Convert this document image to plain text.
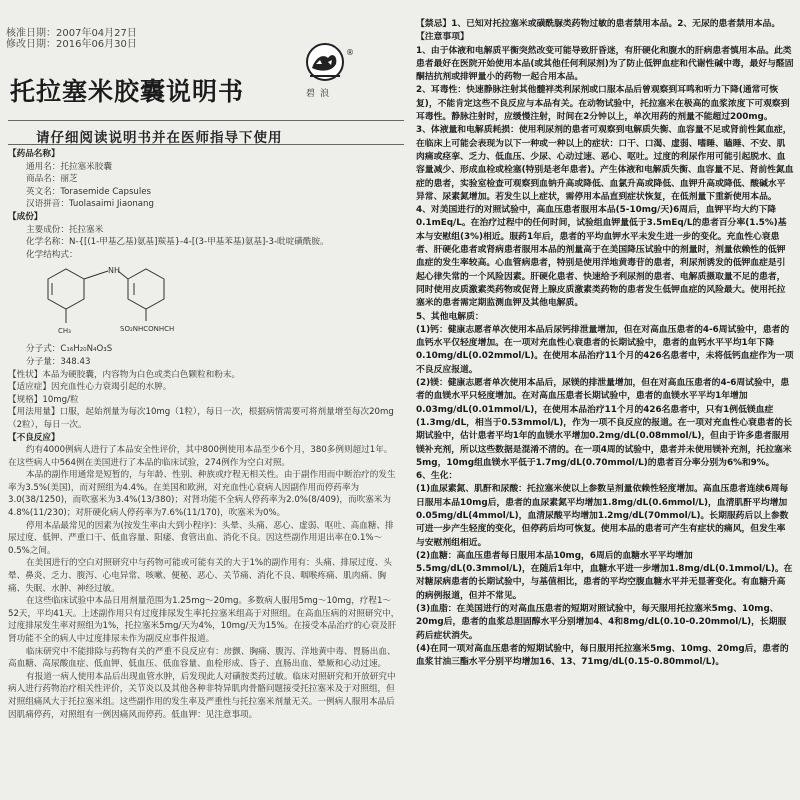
核准日期：2007年04月27日
修改日期：2016年06月30日
®
碧浪
托拉塞米胶囊说明书
请仔细阅读说明书并在医师指导下使用
【药品名称】
通用名：托拉塞米胶囊
商品名：丽芝
英文名：Torasemide Capsules
汉语拼音：Tuolasaimi Jiaonang
【成份】
主要成份：托拉塞米
化学名称：N-{[(1-甲基乙基)氨基]羰基}-4-[(3-甲基苯基)氨基]-3-吡啶磺酰胺。
化学结构式：
NH
SO₂NHCONHCH
CH₃
分子式：C₁₆H₂₀N₄O₃S
分子量：348.43
【性状】本品为硬胶囊，内容物为白色或类白色颗粒和粉末。
【适应症】因充血性心力衰竭引起的水肿。
【规格】10mg/粒
【用法用量】口服，起始剂量为每次10mg（1粒），每日一次，根据病情需要可将剂量增至每次20mg（2粒），每日一次。
【不良反应】
约有4000例病人进行了本品安全性评价，其中800例使用本品至少6个月，380多例则超过1年。在这些病人中564例在美国进行了本品的临床试验，274例作为空白对照。
本品的副作用通常是短暂的，与年龄、性别、种族或疗程无相关性。由于副作用而中断治疗的发生率为3.5%(美国)，而对照组为4.4%。在美国和欧洲，对充血性心衰病人因副作用而停药率为3.0(38/1250)，而吹塞米为3.4%(13/380)；对肾功能不全病人停药率为2.0%(8/409)，而吹塞米为4.8%(11/230)；对肝硬化病人停药率为7.6%(11/170)，吹塞米为0%。
停用本品最常见的因素为(按发生率由大到小程序)：头晕、头痛、恶心、虚弱、呕吐、高血糖、排尿过度、低钾、严重口干、低血容量、阳痿、食管出血、消化不良。因这些副作用退出率在0.1%～0.5%之间。
在美国进行的空白对照研究中与药物可能或可能有关的大于1%的副作用有：头痛、排尿过度、头晕、鼻炎、乏力、腹泻、心电异常、咳嗽、便秘、恶心、关节痛、消化不良、咽喉疼痛、肌肉痛、胸痛、失眠、水肿、神经过敏。
在这些临床试验中本品日用剂量范围为1.25mg～20mg。多数病人服用5mg～10mg，疗程1～52天，平均41天。上述副作用只有过度排尿发生率托拉塞米组高于对照组。在高血压病的对照研究中，过度排尿发生率对照组为1%，托拉塞米5mg/天为4%，10mg/天为15%。在接受本品治疗的心衰及肝肾功能不全的病人中过度排尿未作为副反应事件报道。
临床研究中不能排除与药物有关的严重不良反应有：房颤、胸痛、腹泻、洋地黄中毒、胃肠出血、高血糖、高尿酸血症、低血钾、低血压、低血容量、血栓形成、昏子、直肠出血、晕厥和心动过速。
有报道一病人使用本品后出现血管水肿，后发现此人对磺胺类药过敏。临床对照研究和开放研究中病人进行药物治疗相关性评价，关节炎以及其他各种非特异肌肉骨骼问题接受托拉塞米及于对照组，但对照组痛风大于托拉塞米组。这些副作用的发生率及严重性与托拉塞米剂量无关。一例病人服用本品后因肌痛停药，对照组有一例因痛风而停药。低血钾：见注意事项。
【禁忌】1、已知对托拉塞米或磺酰脲类药物过敏的患者禁用本品。2、无尿的患者禁用本品。
【注意事项】
1、由于体液和电解质平衡突然改变可能导致肝昏迷，有肝硬化和腹水的肝病患者慎用本品。此类患者最好在医院开始使用本品(或其他任何利尿剂)为了防止低钾血症和代谢性碱中毒，最好与醛固酮拮抗剂或排钾量小的药物一起合用本品。
2、耳毒性：快速静脉注射其他髓袢类利尿剂或口服本品后曾观察到耳鸣和听力下降(通常可恢复)，不能肯定这些不良反应与本品有关。在动物试验中，托拉塞米在极高的血浆浓度下可观察到耳毒性。静脉注射时，应缓慢注射，时间在2分钟以上，单次用药的剂量不能超过200mg。
3、体液量和电解质耗损：使用利尿剂的患者可观察到电解质失衡、血容量不足或肾前性氮血症，在临床上可能会表现为以下一种或一种以上的症状：口干、口渴、虚弱、嗜睡、瞌睡、不安、肌肉痛或痉挛、乏力、低血压、少尿、心动过速、恶心、呕吐。过度的利尿作用可能引起脱水、血容量减少、形成血栓或栓塞(特别是老年患者)。产生体液和电解质失衡、血容量不足、肾前性氮血症的患者，实验室检查可观察到血钠升高或降低、血氯升高或降低、血钾升高或降低、酸碱水平异常、尿素氮增加。若发生以上症状，需停用本品直到症状恢复，在低剂量下重新使用本品。
4、对美国进行的对照试验中，高血压患者服用本品(5-10mg/天)6周后，血钾平均大约下降0.1mEq/L。在治疗过程中的任何时间，试验组血钾量低于3.5mEq/L的患者百分率(1.5%)基本与安慰组(3%)相近。服药1年后，患者的平均血钾水平未发生进一步的变化。充血性心衰患者、肝硬化患者或肾病患者服用本品的剂量高于在美国降压试验中的剂量时，剂量依赖性的低钾血症的发生率较高。心血管病患者，特别是使用洋地黄毒苷的患者，利尿剂诱发的低钾血症是引起心律失常的一个风险因素。肝硬化患者、快速给予利尿剂的患者、电解质摄取量不足的患者，同时使用皮质激素类药物或促肾上腺皮质激素类药物的患者发生低钾血症的风险最大。使用托拉塞米的患者需定期监测血钾及其他电解质。
5、其他电解质：
(1)钙：健康志愿者单次使用本品后尿钙排泄量增加，但在对高血压患者的4-6周试验中，患者的血钙水平仅轻度增加。在一项对充血性心衰患者的长期试验中，患者的血钙水平平均1年下降0.10mg/dL(0.02mmol/L)。在使用本品治疗11个月的426名患者中，未将低钙血症作为一项不良反应报道。
(2)镁：健康志愿者单次使用本品后，尿镁的排泄量增加，但在对高血压患者的4-6周试验中，患者的血镁水平只轻度增加。在对高血压患者长期试验中，患者的血镁水平平均1年增加0.03mg/dL(0.01mmol/L)，在使用本品治疗11个月的426名患者中，只有1例低镁血症(1.3mg/dL，相当于0.53mmol/L)，作为一项不良反应的报道。在一项对充血性心衰患者的长期试验中，估计患者平均1年的血镁水平增加0.2mg/dL(0.08mmol/L)，但由于许多患者服用镁补充剂，所以这些数据是混淆不清的。在一项4周的试验中，患者并未使用镁补充剂，托拉塞米5mg，10mg组血镁水平低于1.7mg/dL(0.70mmol/L)的患者百分率分别为6%和9%。
6、生化：
(1)血尿素氮、肌酐和尿酸：托拉塞米使以上参数呈剂量依赖性轻度增加。高血压患者连续6周每日服用本品10mg后，患者的血尿素氮平均增加1.8mg/dL(0.6mmol/L)，血清肌酐平均增加0.05mg/dL(4mmol/L)，血清尿酸平均增加1.2mg/dL(70mmol/L)。长期服药后以上参数可进一步产生轻度的变化，但停药后均可恢复。使用本品的患者可产生有症状的痛风，但发生率与安慰剂组相近。
(2)血糖：高血压患者每日服用本品10mg，6周后的血糖水平平均增加5.5mg/dL(0.3mmol/L)，在随后1年中，血糖水平进一步增加1.8mg/dL(0.1mmol/L)。在对糖尿病患者的长期试验中，与基值相比，患者的平均空腹血糖水平并无显著变化。有血糖升高的病例报道，但并不常见。
(3)血脂：在美国进行的对高血压患者的短期对照试验中，每天服用托拉塞米5mg、10mg、20mg后，患者的血浆总胆固醇水平分别增加4、4和8mg/dL(0.10-0.20mmol/L)，长期服药后症状消失。
(4)在同一项对高血压患者的短期试验中，每日服用托拉塞米5mg、10mg、20mg后，患者的血浆甘油三酯水平分别平均增加16、13、71mg/dL(0.15-0.80mmol/L)。
